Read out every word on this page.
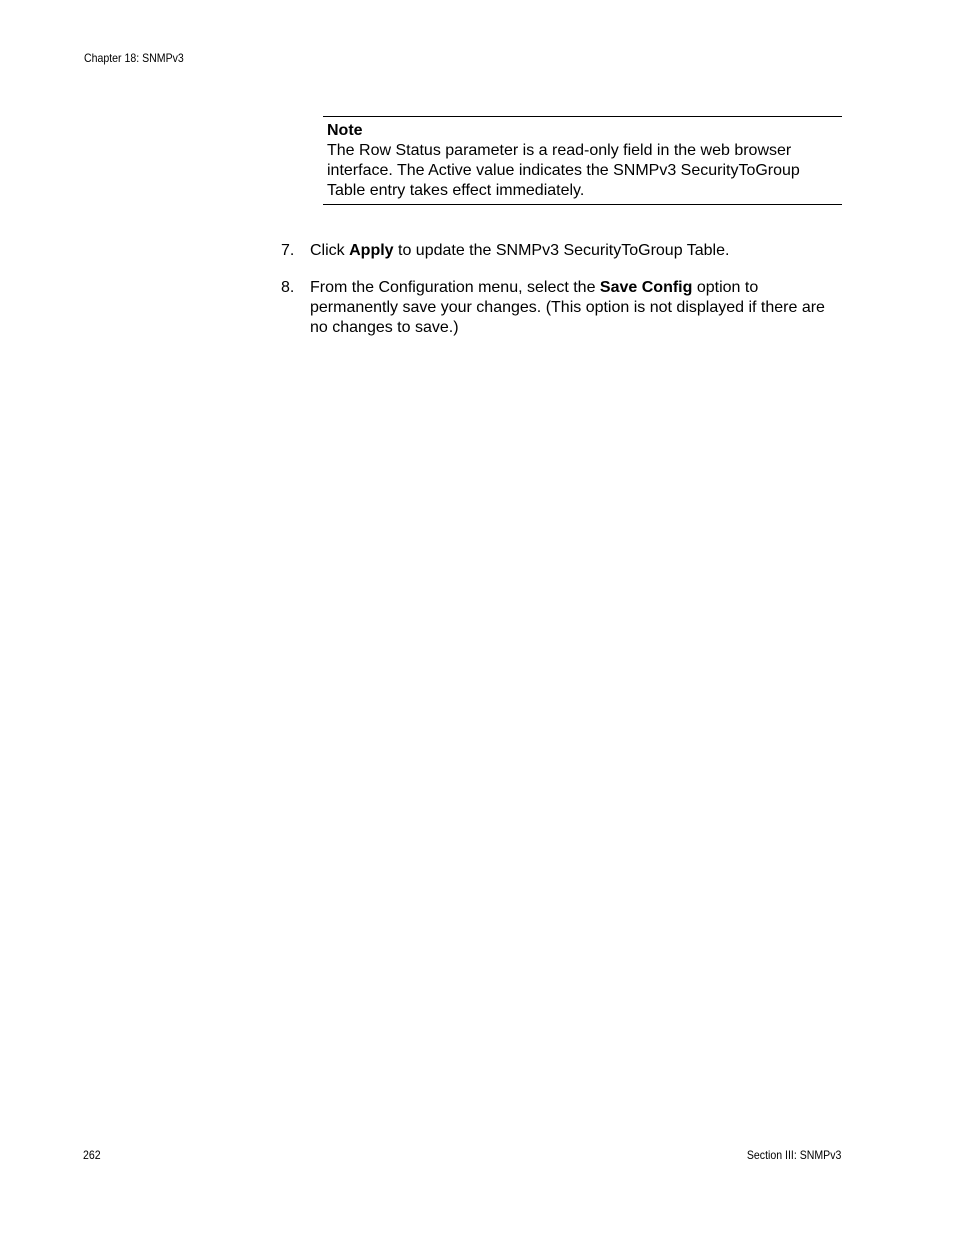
Chapter 18: SNMPv3
Note
The Row Status parameter is a read-only field in the web browser interface. The Active value indicates the SNMPv3 SecurityToGroup Table entry takes effect immediately.
7. Click Apply to update the SNMPv3 SecurityToGroup Table.
8. From the Configuration menu, select the Save Config option to permanently save your changes. (This option is not displayed if there are no changes to save.)
262	Section III: SNMPv3
